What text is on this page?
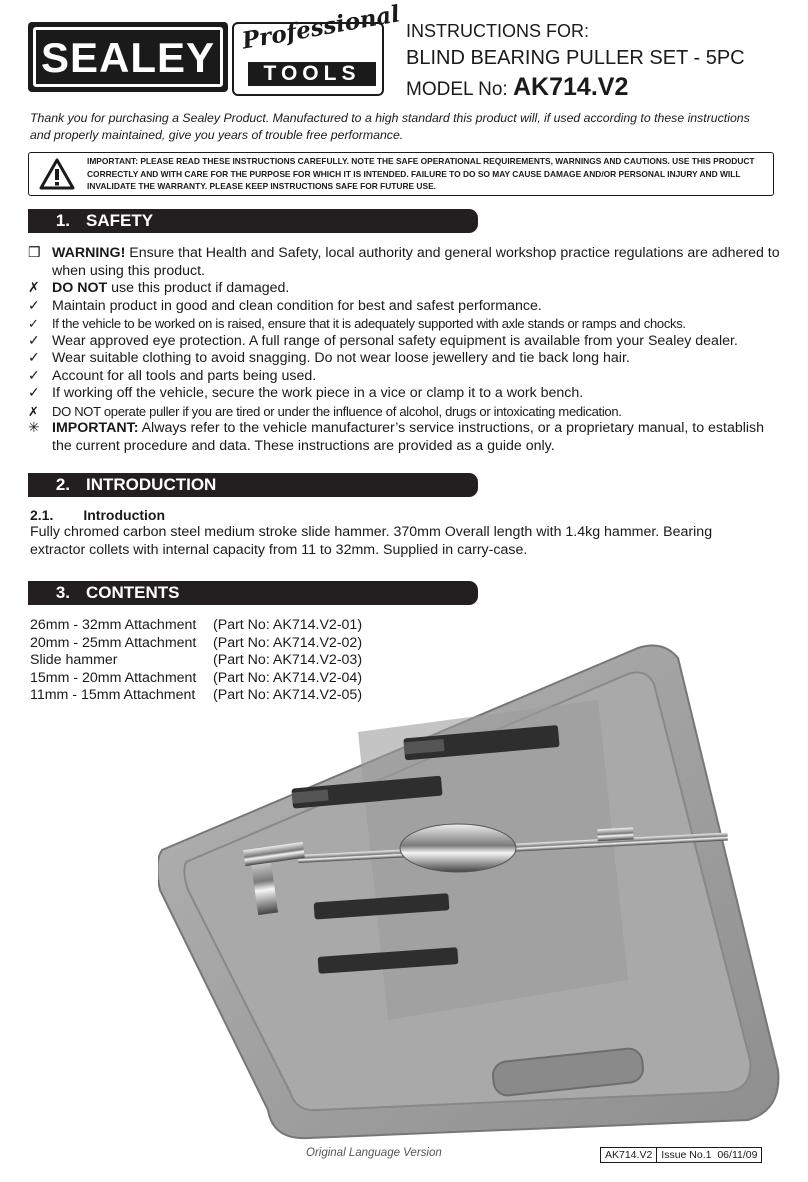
SEALEY
Professional
TOOLS
INSTRUCTIONS FOR:
BLIND BEARING PULLER SET - 5PC
MODEL No: AK714.V2
Thank you for purchasing a Sealey Product. Manufactured to a high standard this product will, if used according to these instructions and properly maintained, give you years of trouble free performance.
IMPORTANT: PLEASE READ THESE INSTRUCTIONS CAREFULLY. NOTE THE SAFE OPERATIONAL REQUIREMENTS, WARNINGS AND CAUTIONS. USE THIS PRODUCT CORRECTLY AND WITH CARE FOR THE PURPOSE FOR WHICH IT IS INTENDED. FAILURE TO DO SO MAY CAUSE DAMAGE AND/OR PERSONAL INJURY AND WILL INVALIDATE THE WARRANTY. PLEASE KEEP INSTRUCTIONS SAFE FOR FUTURE USE.
1. SAFETY
❒ WARNING! Ensure that Health and Safety, local authority and general workshop practice regulations are adhered to when using this product.
✗ DO NOT use this product if damaged.
✓ Maintain product in good and clean condition for best and safest performance.
✓	If the vehicle to be worked on is raised, ensure that it is adequately supported with axle stands or ramps and chocks.
✓ Wear approved eye protection. A full range of personal safety equipment is available from your Sealey dealer.
✓ Wear suitable clothing to avoid snagging. Do not wear loose jewellery and tie back long hair.
✓ Account for all tools and parts being used.
✓ If working off the vehicle, secure the work piece in a vice or clamp it to a work bench.
✗	DO NOT operate puller if you are tired or under the influence of alcohol, drugs or intoxicating medication.
✳ IMPORTANT: Always refer to the vehicle manufacturer’s service instructions, or a proprietary manual, to establish the current procedure and data. These instructions are provided as a guide only.
2. INTRODUCTION
2.1. Introduction
Fully chromed carbon steel medium stroke slide hammer. 370mm Overall length with 1.4kg hammer. Bearing extractor collets with internal capacity from 11 to 32mm. Supplied in carry-case.
3. CONTENTS
26mm - 32mm Attachment (Part No: AK714.V2-01)
20mm - 25mm Attachment (Part No: AK714.V2-02)
Slide hammer	(Part No: AK714.V2-03)
15mm - 20mm Attachment (Part No: AK714.V2-04)
11mm - 15mm Attachment (Part No: AK714.V2-05)
Original Language Version	AK714.V2 Issue No.1 06/11/09
